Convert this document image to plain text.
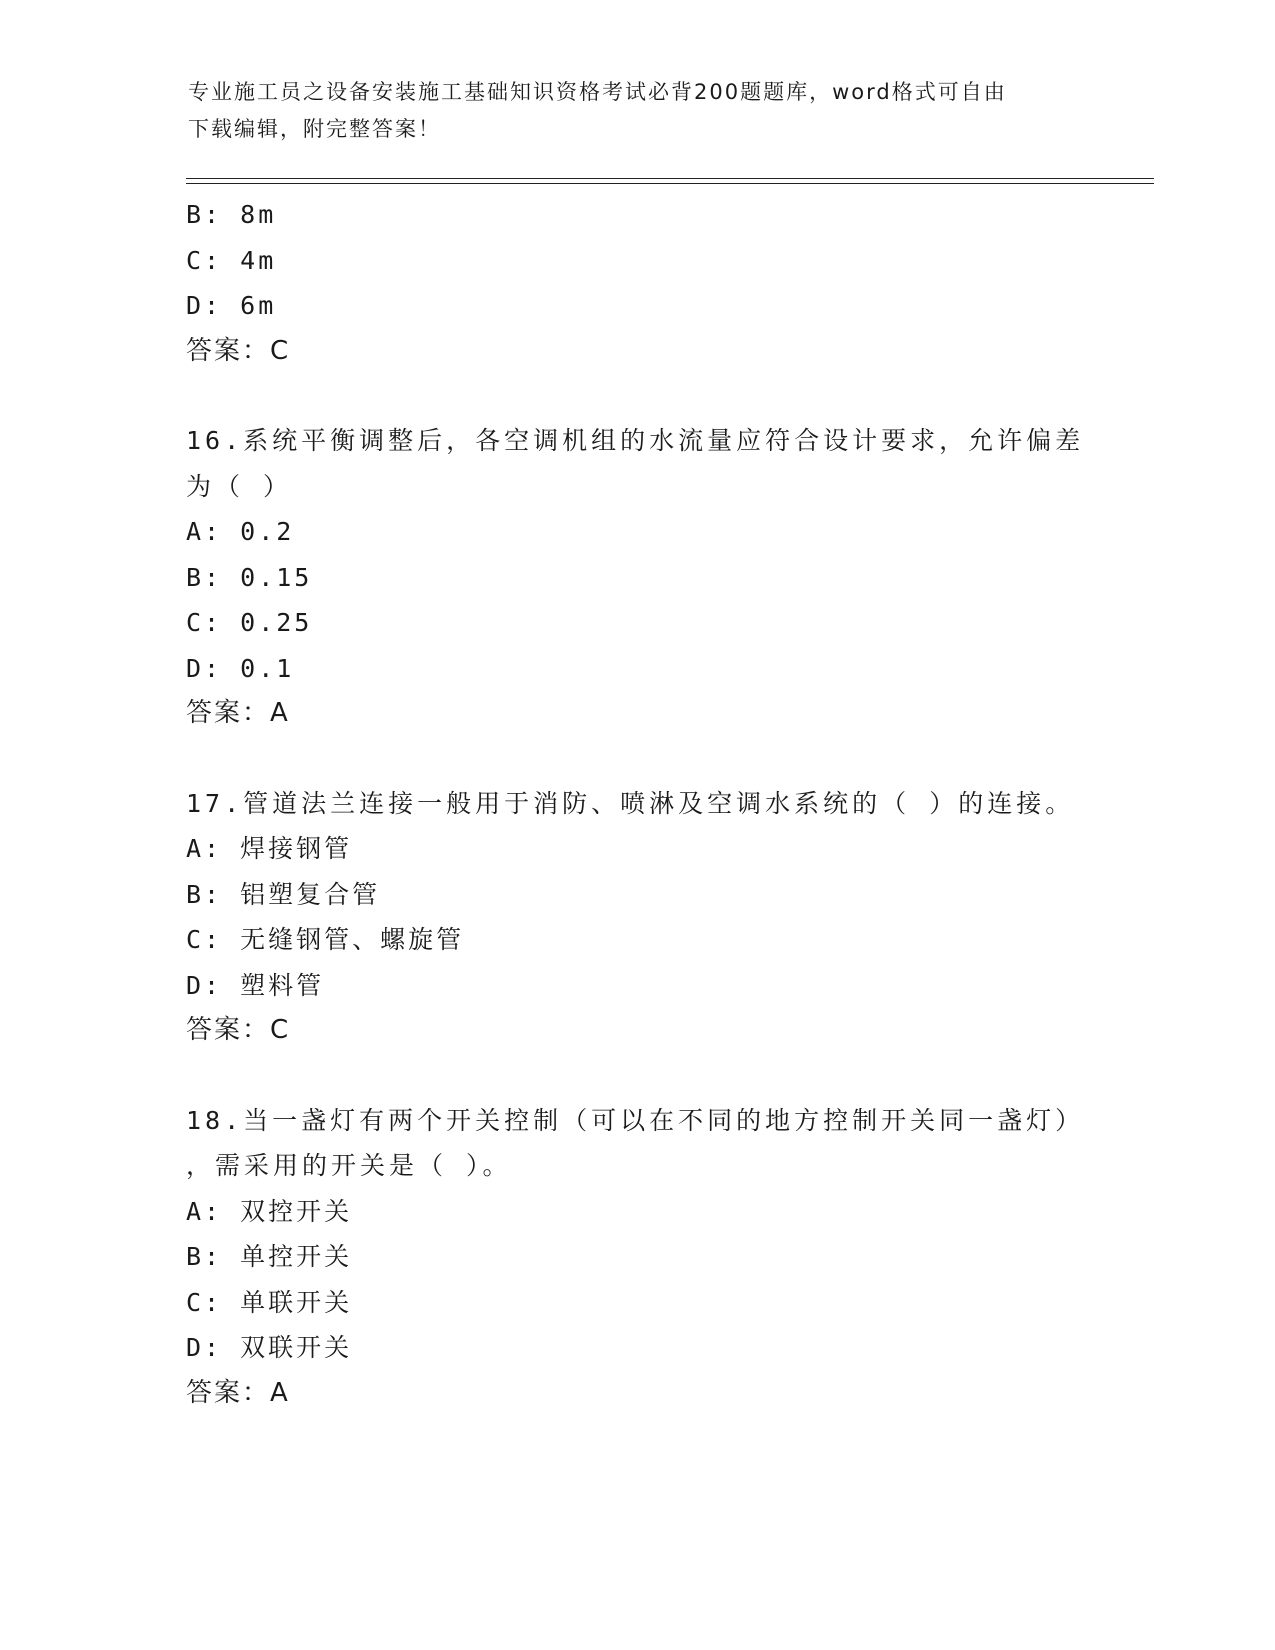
专业施工员之设备安装施工基础知识资格考试必背200题题库，word格式可自由
下载编辑，附完整答案！
B: 8m
C: 4m
D: 6m
答案：C
16.系统平衡调整后，各空调机组的水流量应符合设计要求，允许偏差
为（ ）
A: 0.2
B: 0.15
C: 0.25
D: 0.1
答案：A
17.管道法兰连接一般用于消防、喷淋及空调水系统的（ ）的连接。
A: 焊接钢管
B: 铝塑复合管
C: 无缝钢管、螺旋管
D: 塑料管
答案：C
18.当一盏灯有两个开关控制（可以在不同的地方控制开关同一盏灯）
，需采用的开关是（ ）。
A: 双控开关
B: 单控开关
C: 单联开关
D: 双联开关
答案：A
